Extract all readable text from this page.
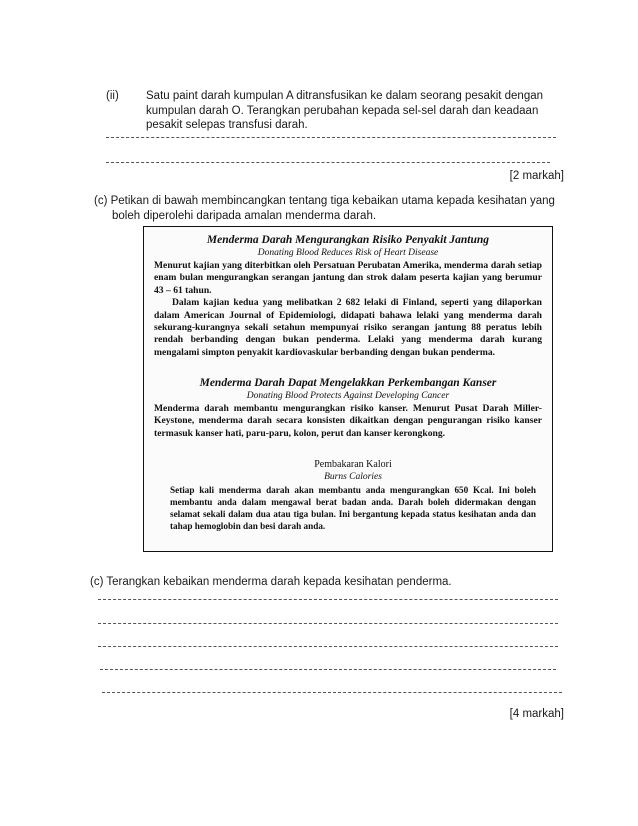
(ii) Satu paint darah kumpulan A ditransfusikan ke dalam seorang pesakit dengan
kumpulan darah O. Terangkan perubahan kepada sel-sel darah dan keadaan
pesakit selepas transfusi darah.
[2 markah]
(c) Petikan di bawah membincangkan tentang tiga kebaikan utama kepada kesihatan yang
boleh diperolehi daripada amalan menderma darah.
Menderma Darah Mengurangkan Risiko Penyakit Jantung
Donating Blood Reduces Risk of Heart Disease
Menurut kajian yang diterbitkan oleh Persatuan Perubatan Amerika, menderma darah setiap enam bulan mengurangkan serangan jantung dan strok dalam peserta kajian yang berumur 43 – 61 tahun.
Dalam kajian kedua yang melibatkan 2 682 lelaki di Finland, seperti yang dilaporkan dalam American Journal of Epidemiologi, didapati bahawa lelaki yang menderma darah sekurang-kurangnya sekali setahun mempunyai risiko serangan jantung 88 peratus lebih rendah berbanding dengan bukan penderma. Lelaki yang menderma darah kurang mengalami simpton penyakit kardiovaskular berbanding dengan bukan penderma.
Menderma Darah Dapat Mengelakkan Perkembangan Kanser
Donating Blood Protects Against Developing Cancer
Menderma darah membantu mengurangkan risiko kanser. Menurut Pusat Darah Miller-Keystone, menderma darah secara konsisten dikaitkan dengan pengurangan risiko kanser termasuk kanser hati, paru-paru, kolon, perut dan kanser kerongkong.
Pembakaran Kalori
Burns Calories
Setiap kali menderma darah akan membantu anda mengurangkan 650 Kcal. Ini boleh membantu anda dalam mengawal berat badan anda. Darah boleh didermakan dengan selamat sekali dalam dua atau tiga bulan. Ini bergantung kepada status kesihatan anda dan tahap hemoglobin dan besi darah anda.
(c) Terangkan kebaikan menderma darah kepada kesihatan penderma.
[4 markah]
